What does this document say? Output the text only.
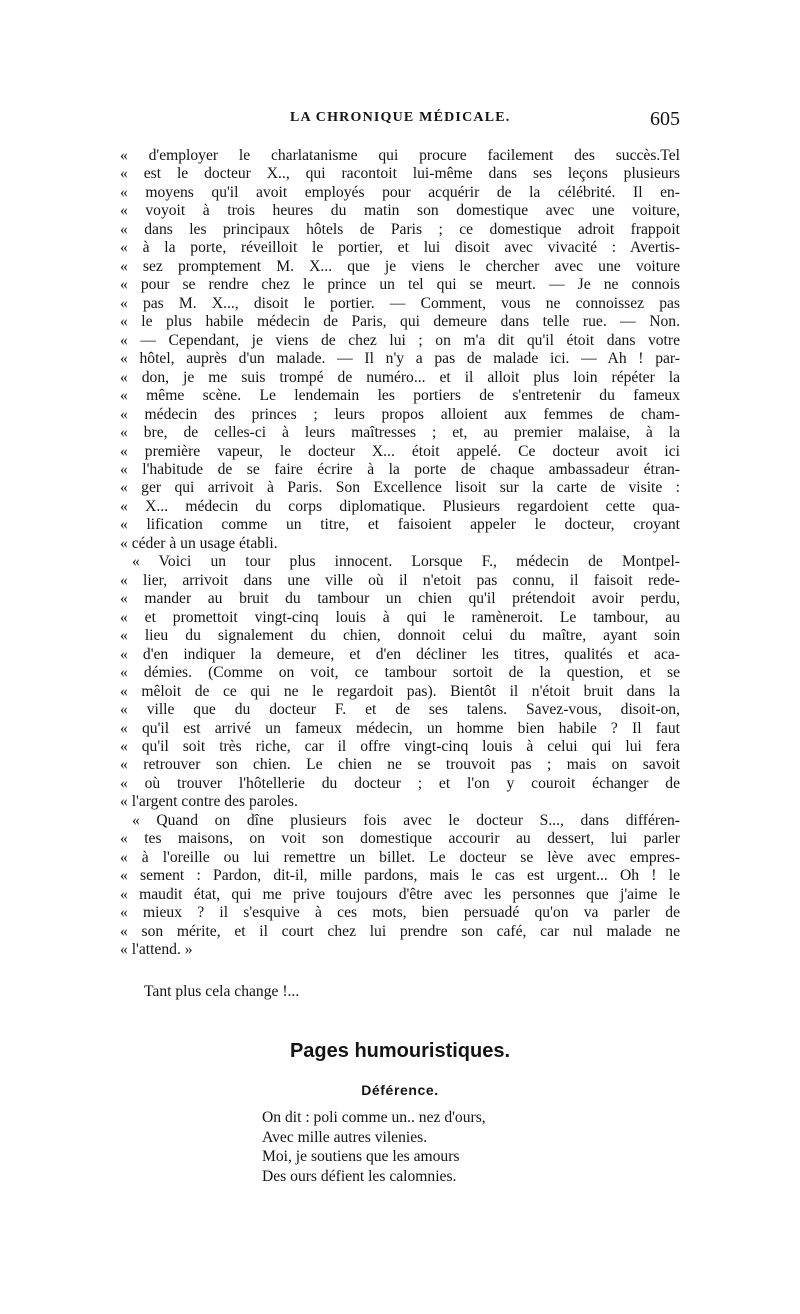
LA CHRONIQUE MÉDICALE.	605
« d'employer le charlatanisme qui procure facilement des succès.Tel
« est le docteur X.., qui racontoit lui-même dans ses leçons plusieurs
« moyens qu'il avoit employés pour acquérir de la célébrité. Il en-
« voyoit à trois heures du matin son domestique avec une voiture,
« dans les principaux hôtels de Paris ; ce domestique adroit frappoit
« à la porte, réveilloit le portier, et lui disoit avec vivacité : Avertis-
« sez promptement M. X... que je viens le chercher avec une voiture
« pour se rendre chez le prince un tel qui se meurt. — Je ne connois
« pas M. X..., disoit le portier. — Comment, vous ne connoissez pas
« le plus habile médecin de Paris, qui demeure dans telle rue. — Non.
« — Cependant, je viens de chez lui ; on m'a dit qu'il étoit dans votre
« hôtel, auprès d'un malade. — Il n'y a pas de malade ici. — Ah ! par-
« don, je me suis trompé de numéro... et il alloit plus loin répéter la
« même scène. Le lendemain les portiers de s'entretenir du fameux
« médecin des princes ; leurs propos alloient aux femmes de cham-
« bre, de celles-ci à leurs maîtresses ; et, au premier malaise, à la
« première vapeur, le docteur X... étoit appelé. Ce docteur avoit ici
« l'habitude de se faire écrire à la porte de chaque ambassadeur étran-
« ger qui arrivoit à Paris. Son Excellence lisoit sur la carte de visite :
« X... médecin du corps diplomatique. Plusieurs regardoient cette qua-
« lification comme un titre, et faisoient appeler le docteur, croyant
« céder à un usage établi.
« Voici un tour plus innocent. Lorsque F., médecin de Montpel-
« lier, arrivoit dans une ville où il n'etoit pas connu, il faisoit rede-
« mander au bruit du tambour un chien qu'il prétendoit avoir perdu,
« et promettoit vingt-cinq louis à qui le ramèneroit. Le tambour, au
« lieu du signalement du chien, donnoit celui du maître, ayant soin
« d'en indiquer la demeure, et d'en décliner les titres, qualités et aca-
« démies. (Comme on voit, ce tambour sortoit de la question, et se
« mêloit de ce qui ne le regardoit pas). Bientôt il n'étoit bruit dans la
« ville que du docteur F. et de ses talens. Savez-vous, disoit-on,
« qu'il est arrivé un fameux médecin, un homme bien habile ? Il faut
« qu'il soit très riche, car il offre vingt-cinq louis à celui qui lui fera
« retrouver son chien. Le chien ne se trouvoit pas ; mais on savoit
« où trouver l'hôtellerie du docteur ; et l'on y couroit échanger de
« l'argent contre des paroles.
« Quand on dîne plusieurs fois avec le docteur S..., dans différen-
« tes maisons, on voit son domestique accourir au dessert, lui parler
« à l'oreille ou lui remettre un billet. Le docteur se lève avec empres-
« sement : Pardon, dit-il, mille pardons, mais le cas est urgent... Oh ! le
« maudit état, qui me prive toujours d'être avec les personnes que j'aime le
« mieux ? il s'esquive à ces mots, bien persuadé qu'on va parler de
« son mérite, et il court chez lui prendre son café, car nul malade ne
« l'attend. »
Tant plus cela change !...
Pages humouristiques.
Déférence.
On dit : poli comme un.. nez d'ours,
Avec mille autres vilenies.
Moi, je soutiens que les amours
Des ours défient les calomnies.
